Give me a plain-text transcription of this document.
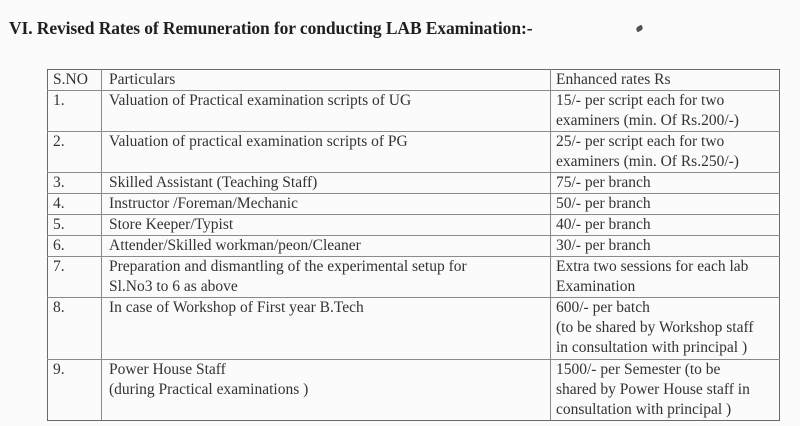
VI. Revised Rates of Remuneration for conducting LAB Examination:-
S.NO	Particulars	Enhanced rates Rs
1.	Valuation of Practical examination scripts of UG	15/- per script each for two
examiners (min. Of Rs.200/-)

2.	Valuation of practical examination scripts of PG	25/- per script each for two
examiners (min. Of Rs.250/-)

3.	Skilled Assistant (Teaching Staff)	75/- per branch

4.	Instructor /Foreman/Mechanic	50/- per branch

5.	Store Keeper/Typist	40/- per branch

6.	Attender/Skilled workman/peon/Cleaner	30/- per branch

7.	Preparation and dismantling of the experimental setup for
Sl.No3 to 6 as above	Extra two sessions for each lab
Examination

8.	In case of Workshop of First year B.Tech	600/- per batch
(to be shared by Workshop staff
in consultation with principal )

9.	Power House Staff
(during Practical examinations )	1500/- per Semester (to be
shared by Power House staff in
consultation with principal )
